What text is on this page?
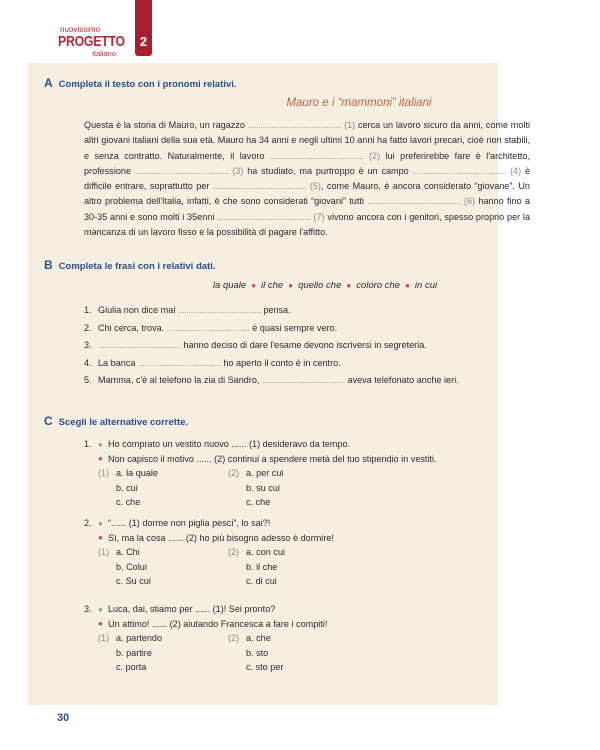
nuovissimo
PROGETTO
italiano
2
A Completa il testo con i pronomi relativi.
Mauro e i “mammoni” italiani
Questa è la storia di Mauro, un ragazzo ............................................ (1) cerca un lavoro sicuro da anni, come molti altri giovani italiani della sua età. Mauro ha 34 anni e negli ultimi 10 anni ha fatto lavori precari, cioè non stabili, e senza contratto. Naturalmente, il lavoro ............................................ (2) lui preferirebbe fare è l'architetto, professione ............................................ (3) ha studiato, ma purtroppo è un campo ............................................ (4) è difficile entrare, soprattutto per ............................................ (5), come Mauro, è ancora considerato “giovane”. Un altro problema dell'Italia, infatti, è che sono considerati “giovani” tutti ............................................ (6) hanno fino a 30-35 anni e sono molti i 35enni ............................................ (7) vivono ancora con i genitori, spesso proprio per la mancanza di un lavoro fisso e la possibilità di pagare l'affitto.
B Completa le frasi con i relativi dati.
la quale ● il che ● quello che ● coloro che ● in cui
1. Giulia non dice mai ....................................... pensa.
2. Chi cerca, trova. ....................................... è quasi sempre vero.
3. ....................................... hanno deciso di dare l'esame devono iscriversi in segreteria.
4. La banca ....................................... ho aperto il conto è in centro.
5. Mamma, c'è al telefono la zia di Sandro, ....................................... aveva telefonato anche ieri.
C Scegli le alternative corrette.
1. ● Ho comprato un vestito nuovo ...... (1) desideravo da tempo.
● Non capisco il motivo ...... (2) continui a spendere metà del tuo stipendio in vestiti.
(1) a. la quale	(2) a. per cui
b. cui	b. su cui
c. che	c. che
2. ● “...... (1) dorme non piglia pesci”, lo sai?!
● Sì, ma la cosa ...... (2) ho più bisogno adesso è dormire!
(1) a. Chi	(2) a. con cui
b. Colui	b. il che
c. Su cui	c. di cui
3. ● Luca, dai, stiamo per ...... (1)! Sei pronto?
● Un attimo! ...... (2) aiutando Francesca a fare i compiti!
(1) a. partendo	(2) a. che
b. partire	b. sto
c. porta	c. sto per
30
